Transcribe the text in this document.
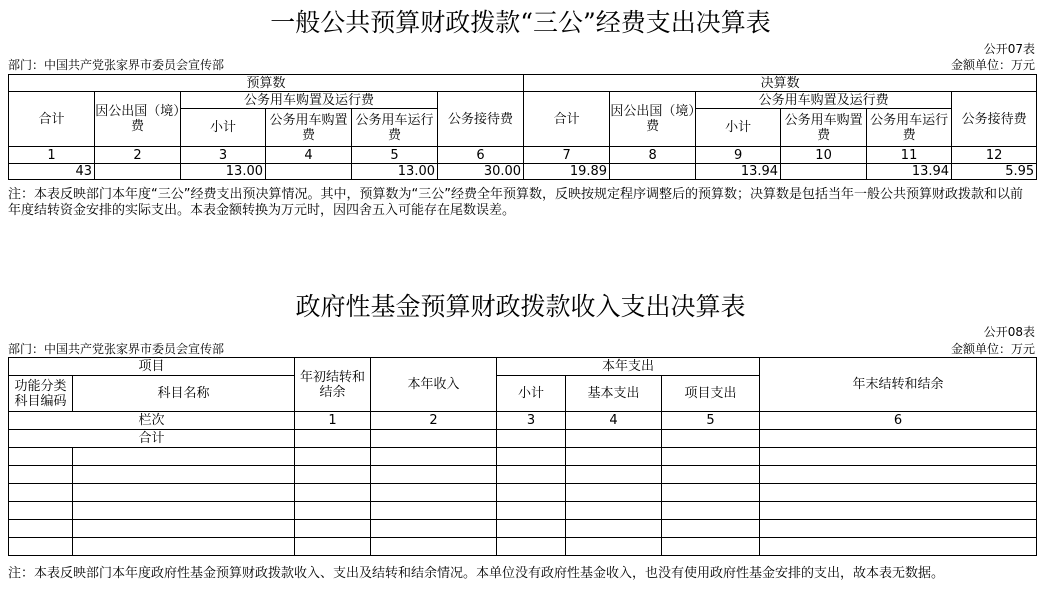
一般公共预算财政拨款“三公”经费支出决算表
公开07表
部门：中国共产党张家界市委员会宣传部	金额单位：万元
预算数						决算数					
合计	因公出国（境）费	公务用车购置及运行费			公务接待费	合计	因公出国（境）费	公务用车购置及运行费			公务接待费
		小计	公务用车购置费	公务用车运行费				小计	公务用车购置费	公务用车运行费	
1	2	3	4	5	6	7	8	9	10	11	12
43		13.00		13.00	30.00	19.89		13.94		13.94	5.95
注：本表反映部门本年度“三公”经费支出预决算情况。其中，预算数为“三公”经费全年预算数，反映按规定程序调整后的预算数；决算数是包括当年一般公共预算财政拨款和以前年度结转资金安排的实际支出。本表金额转换为万元时，因四舍五入可能存在尾数误差。
政府性基金预算财政拨款收入支出决算表
公开08表
部门：中国共产党张家界市委员会宣传部	金额单位：万元
项目		年初结转和结余	本年收入	本年支出			年末结转和结余
功能分类科目编码	科目名称			小计	基本支出	项目支出	
栏次		1	2	3	4	5	6
合计							

注：本表反映部门本年度政府性基金预算财政拨款收入、支出及结转和结余情况。本单位没有政府性基金收入，也没有使用政府性基金安排的支出，故本表无数据。
